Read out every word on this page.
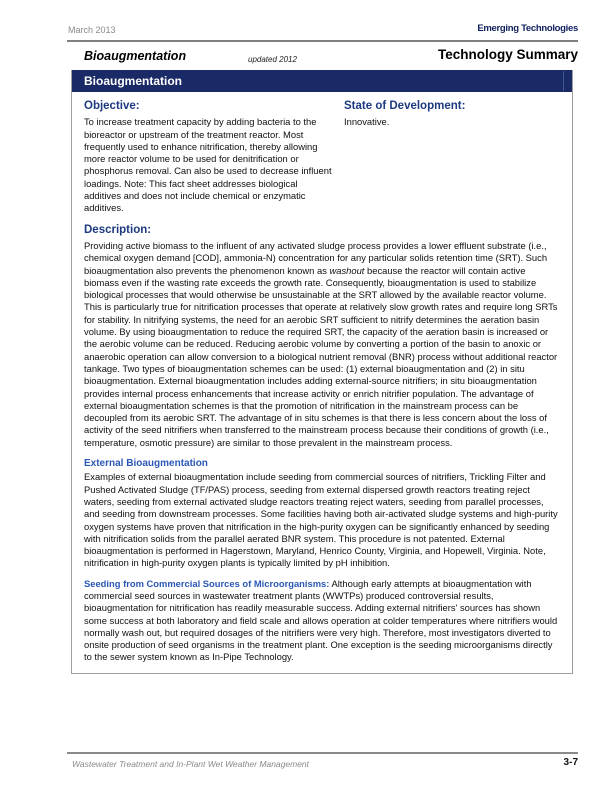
March 2013	Emerging Technologies
Bioaugmentation	updated 2012	Technology Summary
Bioaugmentation
Objective:

To increase treatment capacity by adding bacteria to the bioreactor or upstream of the treatment reactor. Most frequently used to enhance nitrification, thereby allowing more reactor volume to be used for denitrification or phosphorus removal. Can also be used to decrease influent loadings. Note: This fact sheet addresses biological additives and does not include chemical or enzymatic additives.

State of Development:

Innovative.

Description:

Providing active biomass to the influent of any activated sludge process provides a lower effluent substrate (i.e., chemical oxygen demand [COD], ammonia-N) concentration for any particular solids retention time (SRT). Such bioaugmentation also prevents the phenomenon known as washout because the reactor will contain active biomass even if the wasting rate exceeds the growth rate. Consequently, bioaugmentation is used to stabilize biological processes that would otherwise be unsustainable at the SRT allowed by the available reactor volume. This is particularly true for nitrification processes that operate at relatively slow growth rates and require long SRTs for stability. In nitrifying systems, the need for an aerobic SRT sufficient to nitrify determines the aeration basin volume. By using bioaugmentation to reduce the required SRT, the capacity of the aeration basin is increased or the aerobic volume can be reduced. Reducing aerobic volume by converting a portion of the basin to anoxic or anaerobic operation can allow conversion to a biological nutrient removal (BNR) process without additional reactor tankage. Two types of bioaugmentation schemes can be used: (1) external bioaugmentation and (2) in situ bioaugmentation. External bioaugmentation includes adding external-source nitrifiers; in situ bioaugmentation provides internal process enhancements that increase activity or enrich nitrifier population. The advantage of external bioaugmentation schemes is that the promotion of nitrification in the mainstream process can be decoupled from its aerobic SRT. The advantage of in situ schemes is that there is less concern about the loss of activity of the seed nitrifiers when transferred to the mainstream process because their conditions of growth (i.e., temperature, osmotic pressure) are similar to those prevalent in the mainstream process.

External Bioaugmentation

Examples of external bioaugmentation include seeding from commercial sources of nitrifiers, Trickling Filter and Pushed Activated Sludge (TF/PAS) process, seeding from external dispersed growth reactors treating reject waters, seeding from external activated sludge reactors treating reject waters, seeding from parallel processes, and seeding from downstream processes. Some facilities having both air-activated sludge systems and high-purity oxygen systems have proven that nitrification in the high-purity oxygen can be significantly enhanced by seeding with nitrification solids from the parallel aerated BNR system. This procedure is not patented. External bioaugmentation is performed in Hagerstown, Maryland, Henrico County, Virginia, and Hopewell, Virginia. Note, nitrification in high-purity oxygen plants is typically limited by pH inhibition.

Seeding from Commercial Sources of Microorganisms: Although early attempts at bioaugmentation with commercial seed sources in wastewater treatment plants (WWTPs) produced controversial results, bioaugmentation for nitrification has readily measurable success. Adding external nitrifiers' sources has shown some success at both laboratory and field scale and allows operation at colder temperatures where nitrifiers would normally wash out, but required dosages of the nitrifiers were very high. Therefore, most investigators diverted to onsite production of seed organisms in the treatment plant. One exception is the seeding microorganisms directly to the sewer system known as In-Pipe Technology.

Wastewater Treatment and In-Plant Wet Weather Management	3-7
